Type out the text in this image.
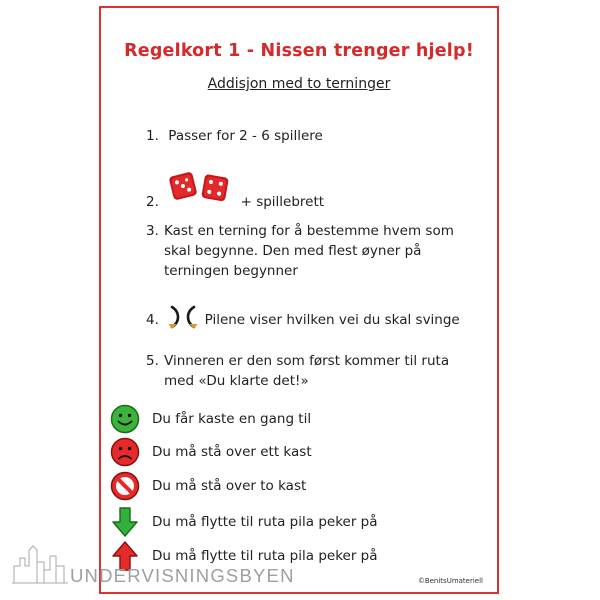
Regelkort 1 - Nissen trenger hjelp!
Addisjon med to terninger
1. Passer for 2 - 6 spillere
2.	+ spillebrett
3. Kast en terning for å bestemme hvem som
skal begynne. Den med flest øyner på
terningen begynner
4.	Pilene viser hvilken vei du skal svinge
5. Vinneren er den som først kommer til ruta
med «Du klarte det!»
Du får kaste en gang til
Du må stå over ett kast
Du må stå over to kast
Du må flytte til ruta pila peker på
Du må flytte til ruta pila peker på
©BenitsUmateriell
UNDERVISNINGSBYEN
